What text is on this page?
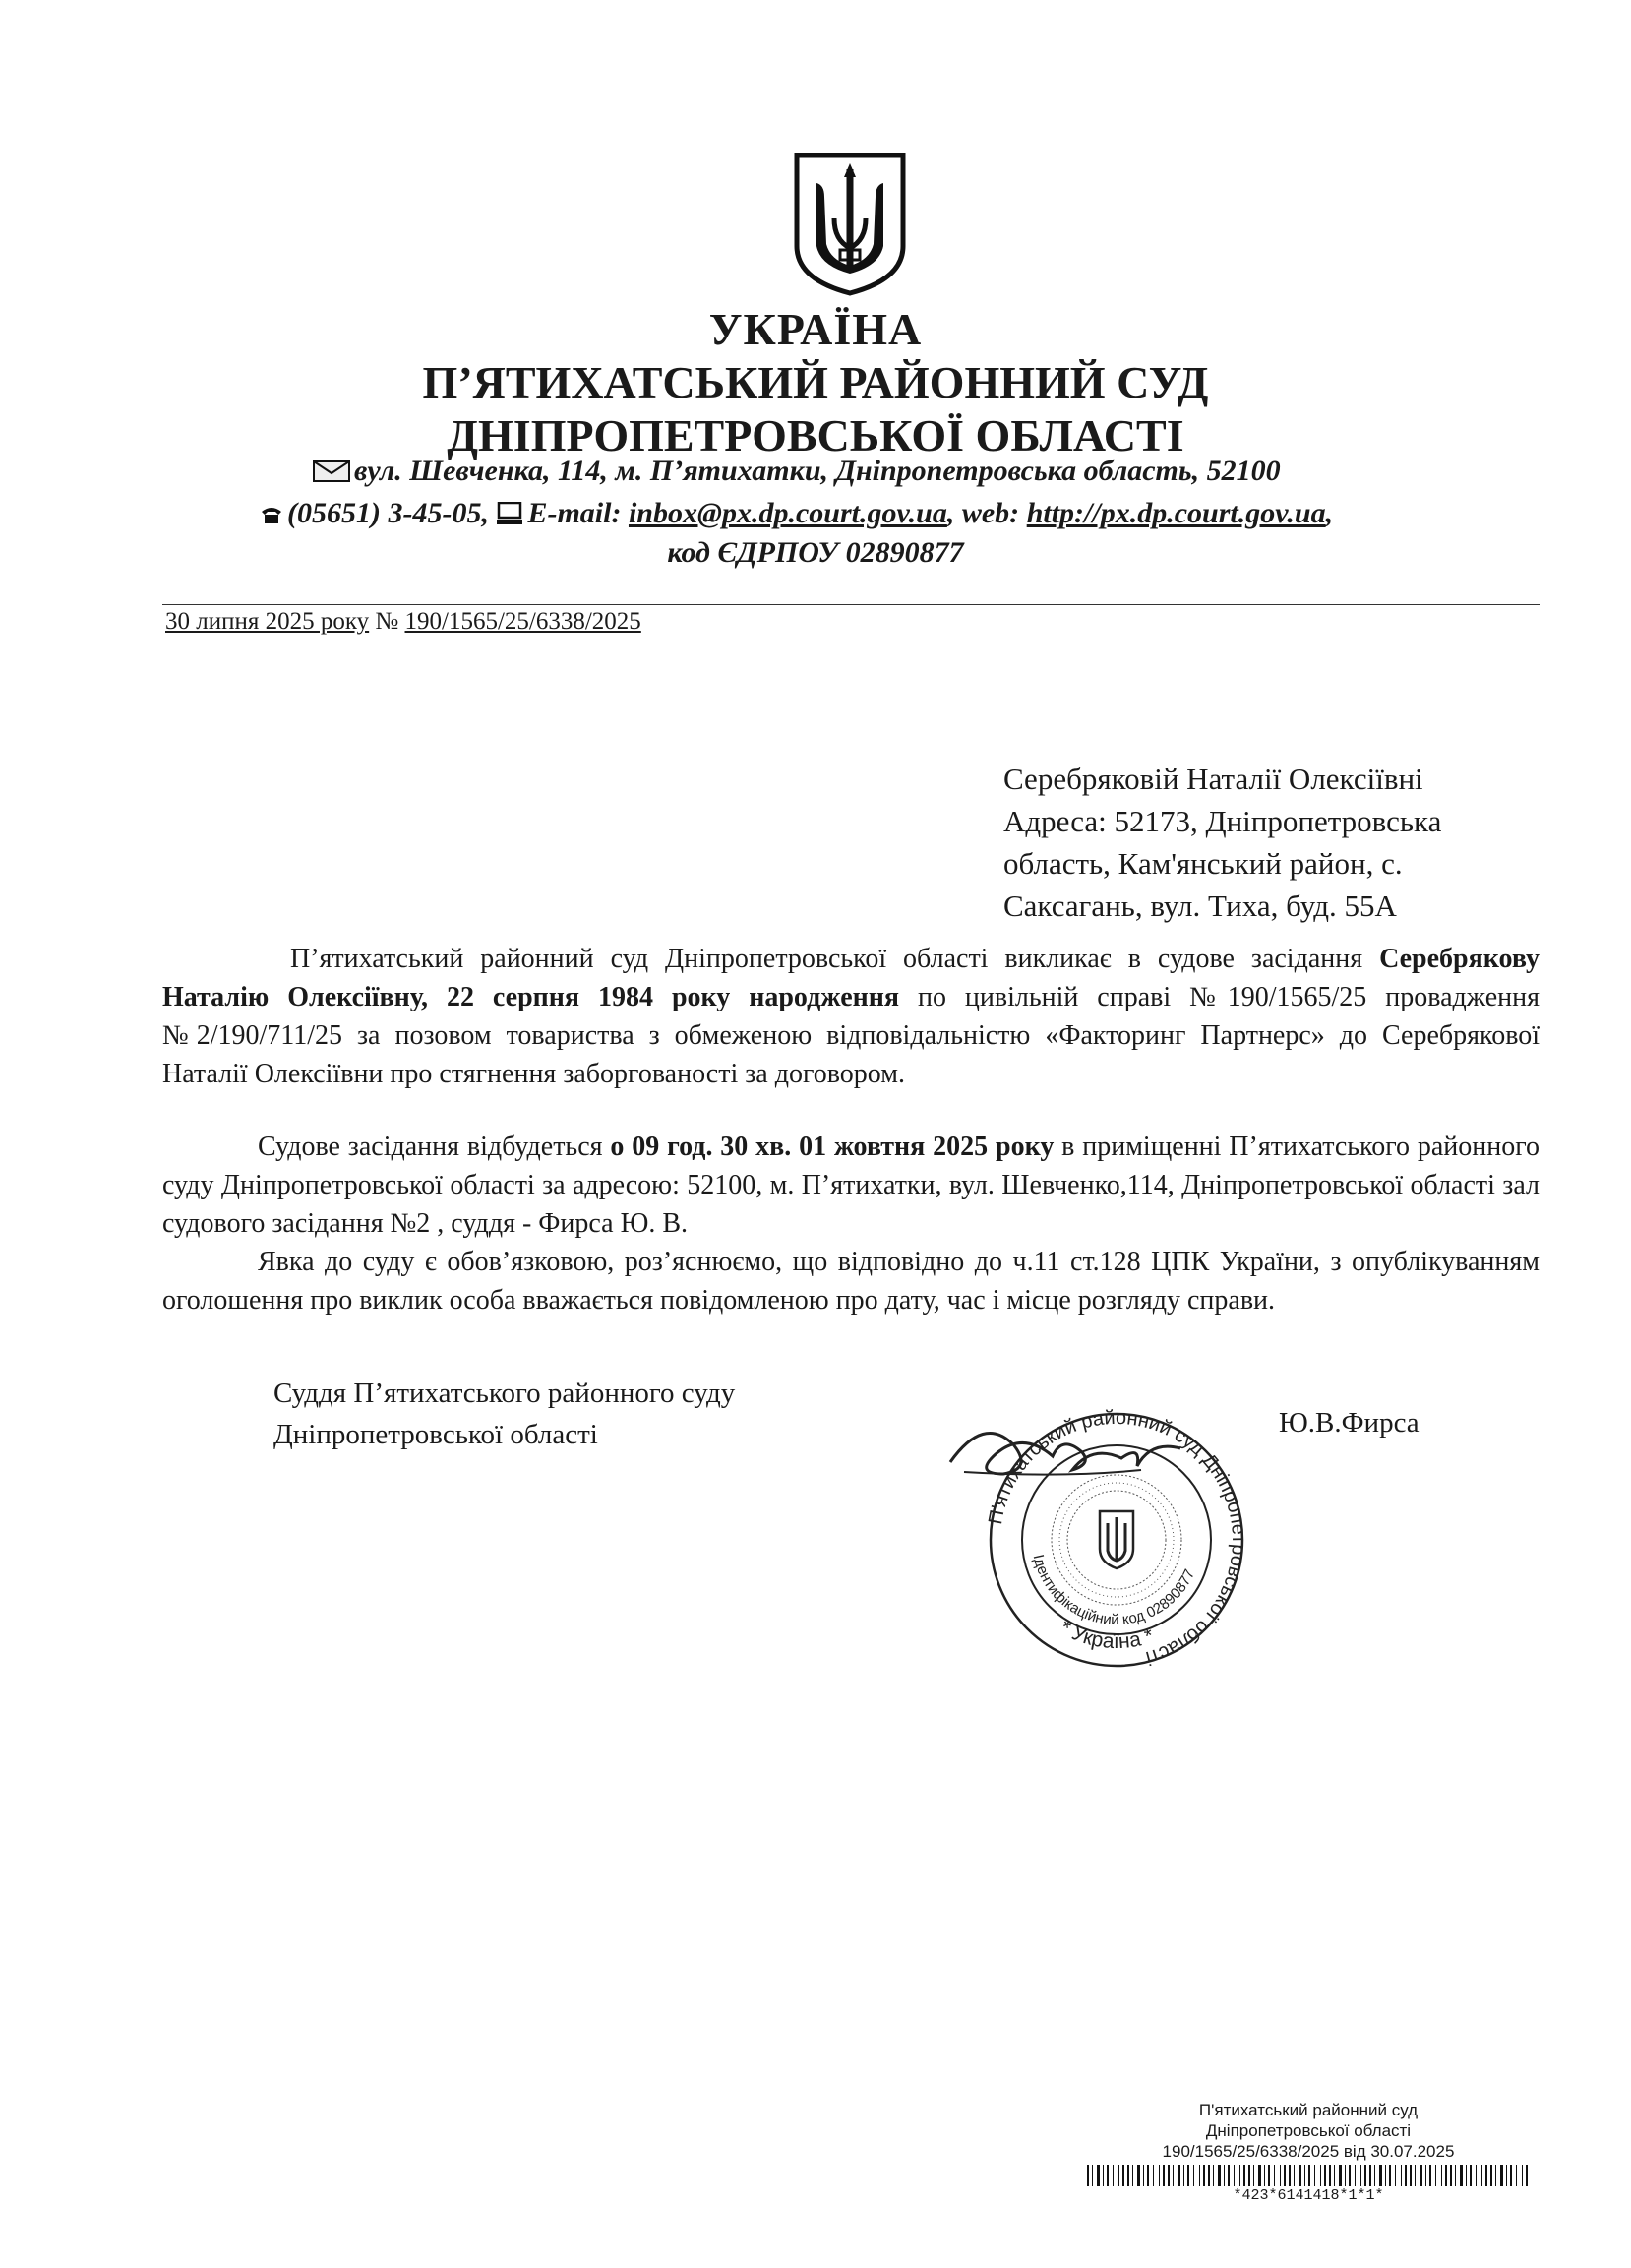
УКРАЇНА
П’ЯТИХАТСЬКИЙ РАЙОННИЙ СУД
ДНІПРОПЕТРОВСЬКОЇ ОБЛАСТІ
вул. Шевченка, 114, м. П’ятихатки, Дніпропетровська область, 52100
(05651) 3-45-05, E-mail: inbox@px.dp.court.gov.ua, web: http://px.dp.court.gov.ua,
код ЄДРПОУ 02890877
30 липня 2025 року № 190/1565/25/6338/2025
Серебряковій Наталії Олексіївні
Адреса: 52173, Дніпропетровська
область, Кам'янський район, с.
Саксагань, вул. Тиха, буд. 55А
П’ятихатський районний суд Дніпропетровської області викликає в судове засідання Серебрякову Наталію Олексіївну, 22 серпня 1984 року народження по цивільній справі №190/1565/25 провадження №2/190/711/25 за позовом товариства з обмеженою відповідальністю «Факторинг Партнерс» до Серебрякової Наталії Олексіївни про стягнення заборгованості за договором.
Судове засідання відбудеться о 09 год. 30 хв. 01 жовтня 2025 року в приміщенні П’ятихатського районного суду Дніпропетровської області за адресою: 52100, м. П’ятихатки, вул. Шевченко,114, Дніпропетровської області зал судового засідання №2 , суддя - Фирса Ю. В.
Явка до суду є обов’язковою, роз’яснюємо, що відповідно до ч.11 ст.128 ЦПК України, з опублікуванням оголошення про виклик особа вважається повідомленою про дату, час і місце розгляду справи.
Суддя П’ятихатського районного суду
Дніпропетровської області
П'ятихатський районний суд Дніпропетровської області
* Україна *
Ідентифікаційний код 02890877
Ю.В.Фирса
П'ятихатський районний суд
Дніпропетровської області
190/1565/25/6338/2025 від 30.07.2025
*423*6141418*1*1*
